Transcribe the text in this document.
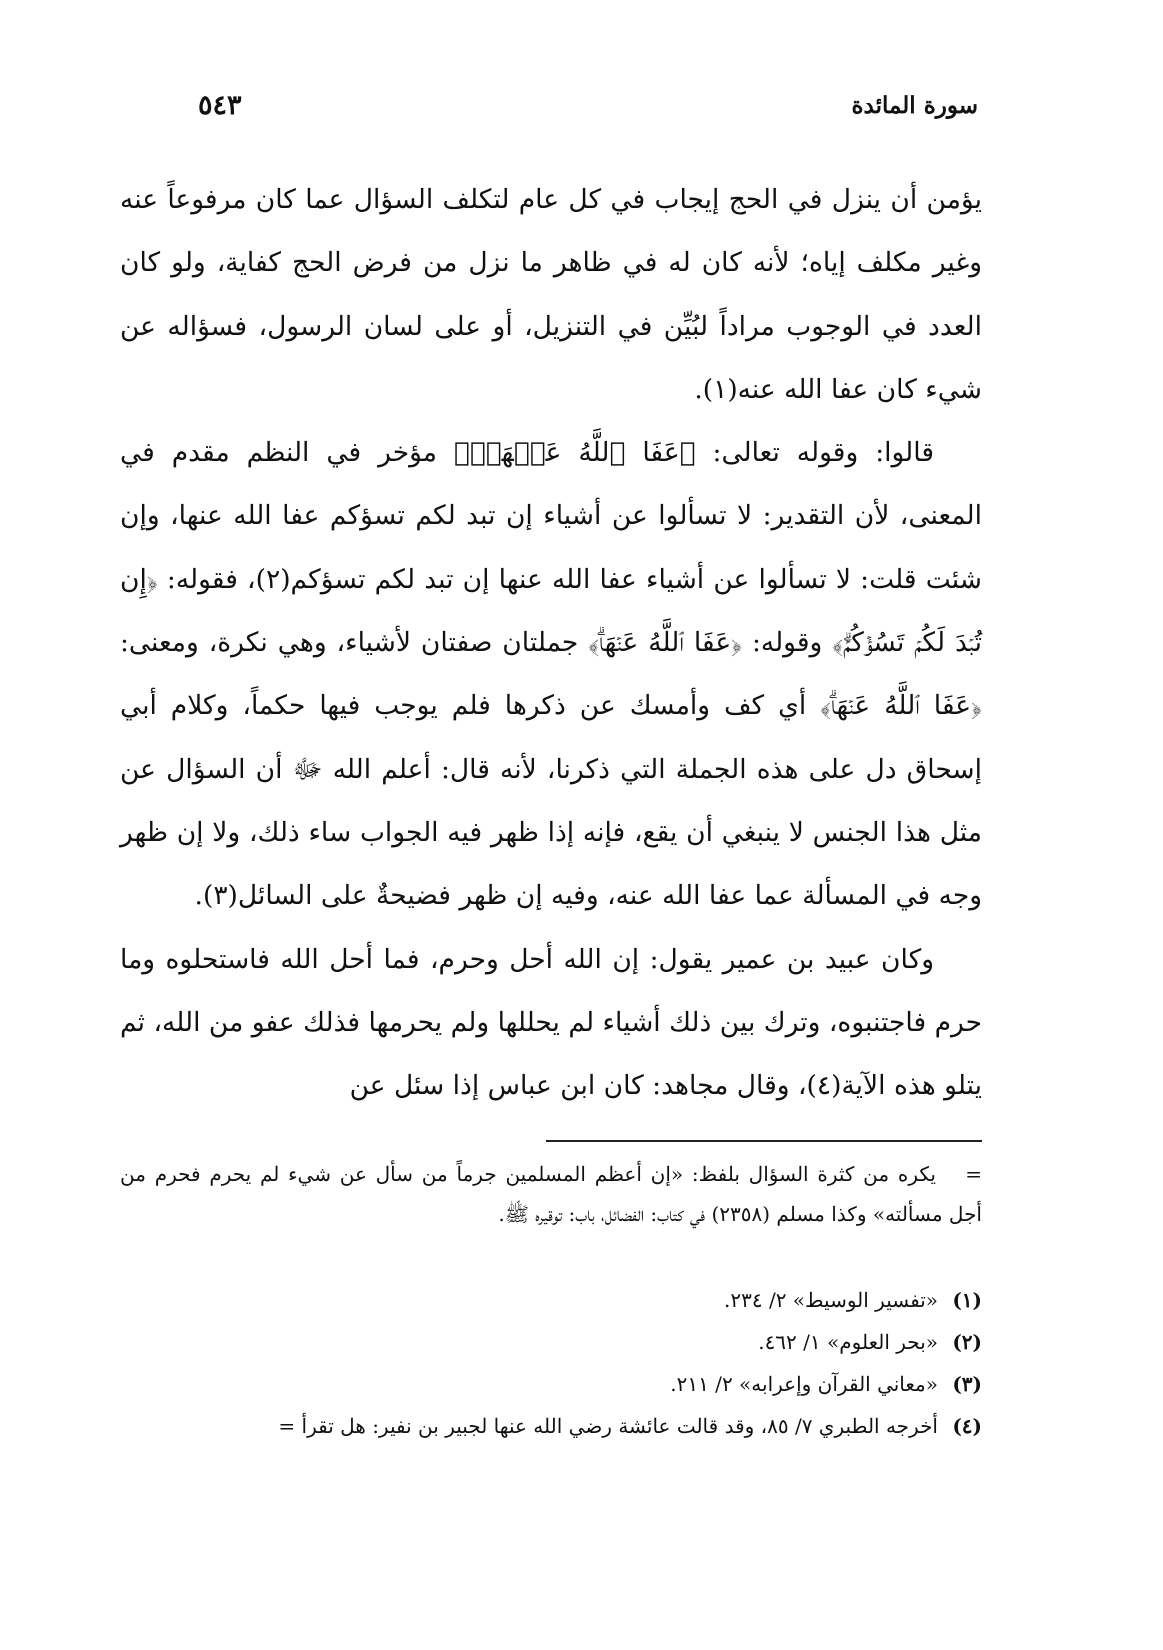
سورة المائدة
٥٤٣

يؤمن أن ينزل في الحج إيجاب في كل عام لتكلف السؤال عما كان مرفوعاً عنه وغير مكلف إياه؛ لأنه كان له في ظاهر ما نزل من فرض الحج كفاية، ولو كان العدد في الوجوب مراداً لبُيِّن في التنزيل، أو على لسان الرسول، فسؤاله عن شيء كان عفا الله عنه(١).

قالوا: وقوله تعالى: ﴿عَفَا ٱللَّهُ عَنۡهَاۗ﴾ مؤخر في النظم مقدم في المعنى، لأن التقدير: لا تسألوا عن أشياء إن تبد لكم تسؤكم عفا الله عنها، وإن شئت قلت: لا تسألوا عن أشياء عفا الله عنها إن تبد لكم تسؤكم(٢)، فقوله: ﴿إِن تُبۡدَ لَكُمۡ تَسُؤۡكُمۡۗ﴾ وقوله: ﴿عَفَا ٱللَّهُ عَنۡهَاۗ﴾ جملتان صفتان لأشياء، وهي نكرة، ومعنى: ﴿عَفَا ٱللَّهُ عَنۡهَاۗ﴾ أي كف وأمسك عن ذكرها فلم يوجب فيها حكماً، وكلام أبي إسحاق دل على هذه الجملة التي ذكرنا، لأنه قال: أعلم الله ﷻ أن السؤال عن مثل هذا الجنس لا ينبغي أن يقع، فإنه إذا ظهر فيه الجواب ساء ذلك، ولا إن ظهر وجه في المسألة عما عفا الله عنه، وفيه إن ظهر فضيحةٌ على السائل(٣).

وكان عبيد بن عمير يقول: إن الله أحل وحرم، فما أحل الله فاستحلوه وما حرم فاجتنبوه، وترك بين ذلك أشياء لم يحللها ولم يحرمها فذلك عفو من الله، ثم يتلو هذه الآية(٤)، وقال مجاهد: كان ابن عباس إذا سئل عن

=يكره من كثرة السؤال بلفظ: «إن أعظم المسلمين جرماً من سأل عن شيء لم يحرم فحرم من أجل مسألته» وكذا مسلم (٢٣٥٨) في كتاب: الفضائل، باب: توقيره ﷺ.
(١)«تفسير الوسيط» ٢/ ٢٣٤.
(٢)«بحر العلوم» ١/ ٤٦٢.
(٣)«معاني القرآن وإعرابه» ٢/ ٢١١.
(٤)أخرجه الطبري ٧/ ٨٥، وقد قالت عائشة رضي الله عنها لجبير بن نفير: هل تقرأ =
